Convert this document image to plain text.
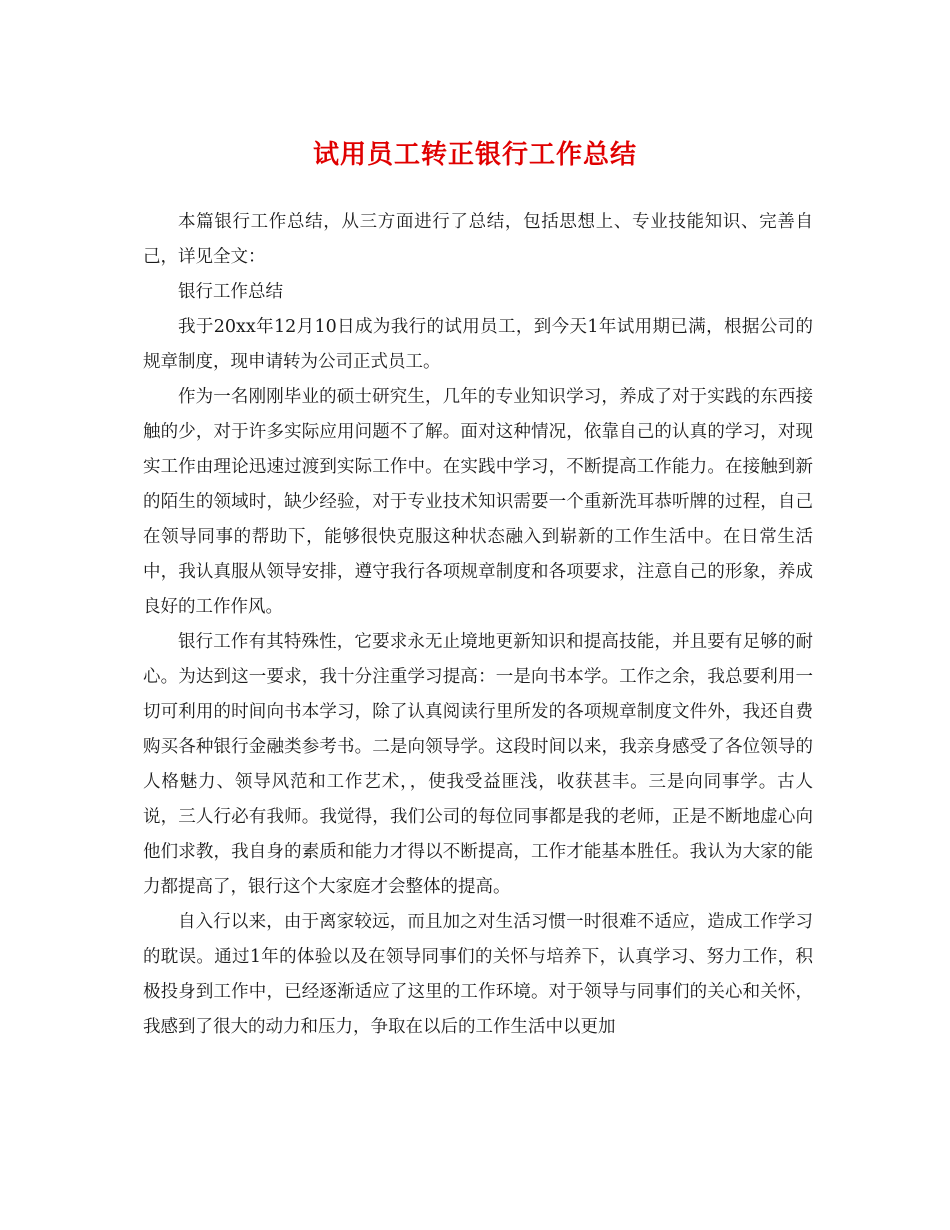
试用员工转正银行工作总结

本篇银行工作总结，从三方面进行了总结，包括思想上、专业技能知识、完善自己，详见全文：

银行工作总结

我于20xx年12月10日成为我行的试用员工，到今天1年试用期已满，根据公司的规章制度，现申请转为公司正式员工。

作为一名刚刚毕业的硕士研究生，几年的专业知识学习，养成了对于实践的东西接触的少，对于许多实际应用问题不了解。面对这种情况，依靠自己的认真的学习，对现实工作由理论迅速过渡到实际工作中。在实践中学习，不断提高工作能力。在接触到新的陌生的领域时，缺少经验，对于专业技术知识需要一个重新洗耳恭听牌的过程，自己在领导同事的帮助下，能够很快克服这种状态融入到崭新的工作生活中。在日常生活中，我认真服从领导安排，遵守我行各项规章制度和各项要求，注意自己的形象，养成良好的工作作风。

银行工作有其特殊性，它要求永无止境地更新知识和提高技能，并且要有足够的耐心。为达到这一要求，我十分注重学习提高：一是向书本学。工作之余，我总要利用一切可利用的时间向书本学习，除了认真阅读行里所发的各项规章制度文件外，我还自费购买各种银行金融类参考书。二是向领导学。这段时间以来，我亲身感受了各位领导的人格魅力、领导风范和工作艺术，，使我受益匪浅，收获甚丰。三是向同事学。古人说，三人行必有我师。我觉得，我们公司的每位同事都是我的老师，正是不断地虚心向他们求教，我自身的素质和能力才得以不断提高，工作才能基本胜任。我认为大家的能力都提高了，银行这个大家庭才会整体的提高。

自入行以来，由于离家较远，而且加之对生活习惯一时很难不适应，造成工作学习的耽误。通过1年的体验以及在领导同事们的关怀与培养下，认真学习、努力工作，积极投身到工作中，已经逐渐适应了这里的工作环境。对于领导与同事们的关心和关怀，我感到了很大的动力和压力，争取在以后的工作生活中以更加
